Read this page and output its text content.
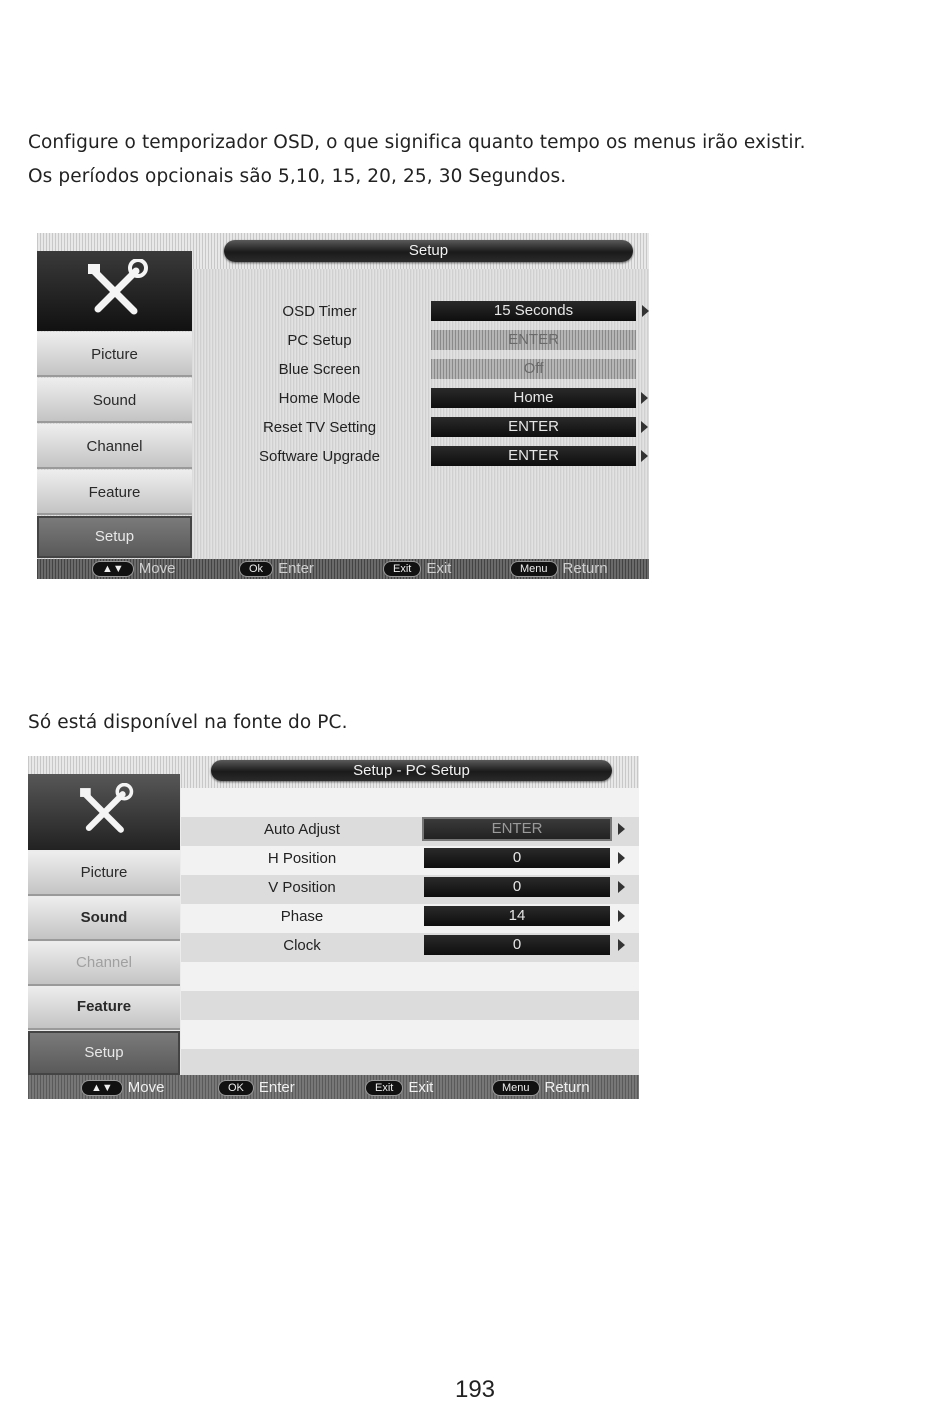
Configure o temporizador OSD, o que significa quanto tempo os menus irão existir.
Os períodos opcionais são 5,10, 15, 20, 25, 30 Segundos.
Setup
Picture
Sound
Channel
Feature
Setup
OSD Timer	15 Seconds
PC Setup	ENTER
Blue Screen	Off
Home Mode	Home
Reset TV Setting	ENTER
Software Upgrade	ENTER
▲▼	Move	Ok	Enter	Exit	Exit	Menu	Return
Só está disponível na fonte do PC.
Setup - PC Setup
Picture
Sound
Channel
Feature
Setup
Auto Adjust	ENTER
H Position	0
V Position	0
Phase	14
Clock	0
▲▼	Move	OK	Enter	Exit	Exit	Menu	Return
193
